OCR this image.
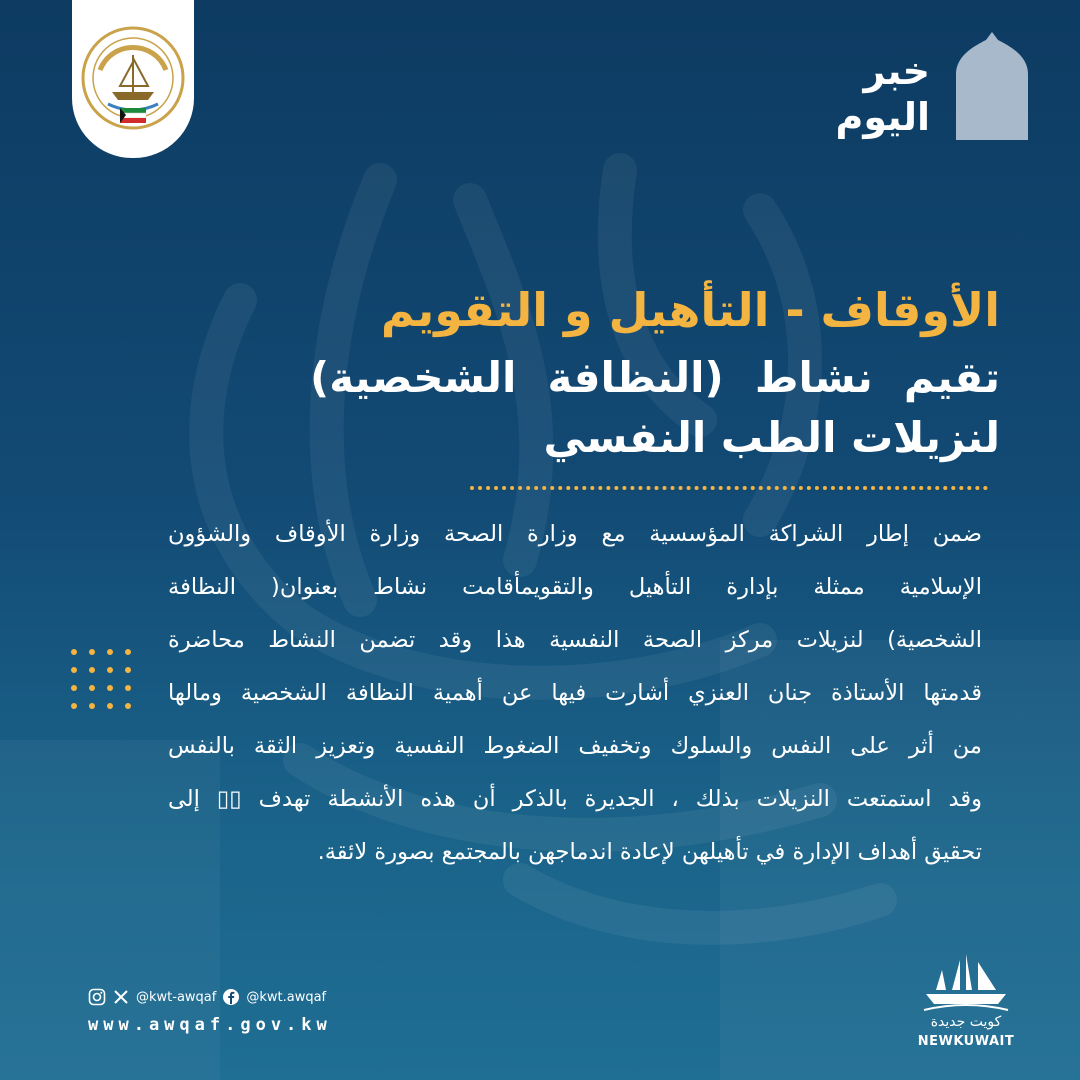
خبر
اليوم
الأوقاف - التأهيل و التقويم
تقيم نشاط (النظافة الشخصية)
لنزيلات الطب النفسي
ضمن إطار الشراكة المؤسسية مع وزارة الصحة وزارة الأوقاف والشؤون
الإسلامية ممثلة بإدارة التأهيل والتقويمأقامت نشاط بعنوان( النظافة
الشخصية) لنزيلات مركز الصحة النفسية هذا وقد تضمن النشاط محاضرة
قدمتها الأستاذة جنان العنزي أشارت فيها عن أهمية النظافة الشخصية ومالها
من أثر على النفس والسلوك وتخفيف الضغوط النفسية وتعزيز الثقة بالنفس
وقد استمتعت النزيلات بذلك ، الجديرة بالذكر أن هذه الأنشطة تهدف ▯▯ إلى
تحقيق أهداف الإدارة في تأهيلهن لإعادة اندماجهن بالمجتمع بصورة لائقة.
@kwt-awqaf @kwt.awqaf
www.awqaf.gov.kw	كويت جديدة
NEWKUWAIT
